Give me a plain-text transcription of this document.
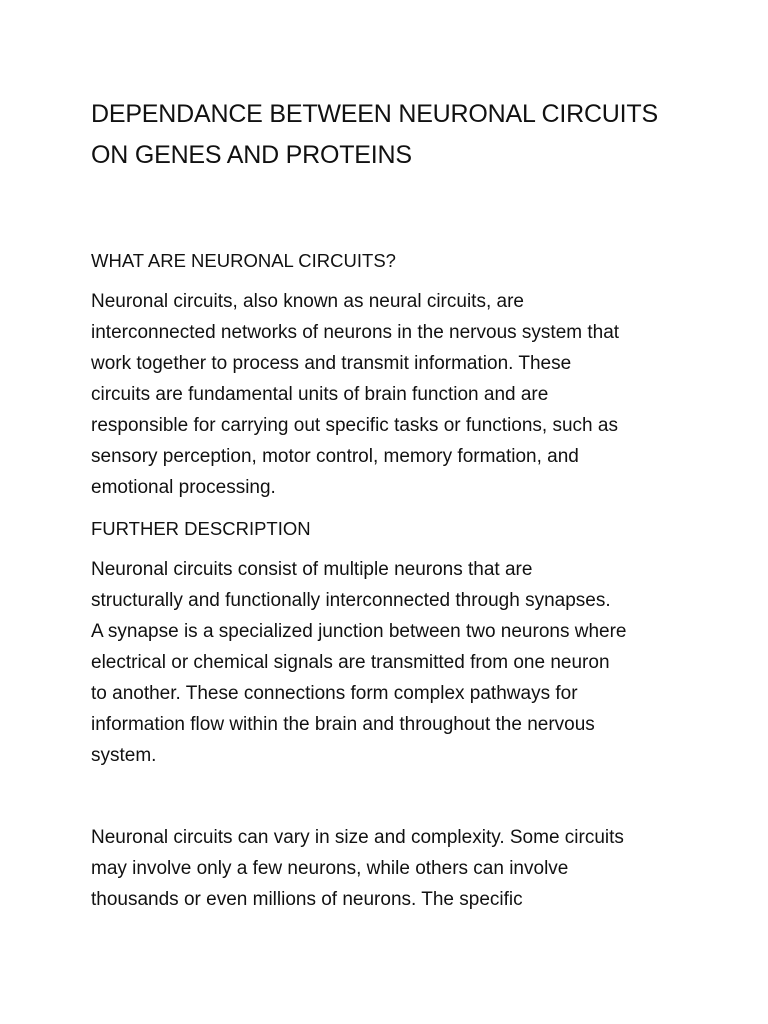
DEPENDANCE BETWEEN NEURONAL CIRCUITS
ON GENES AND PROTEINS

WHAT ARE NEURONAL CIRCUITS?

Neuronal circuits, also known as neural circuits, are
interconnected networks of neurons in the nervous system that
work together to process and transmit information. These
circuits are fundamental units of brain function and are
responsible for carrying out specific tasks or functions, such as
sensory perception, motor control, memory formation, and
emotional processing.

FURTHER DESCRIPTION

Neuronal circuits consist of multiple neurons that are
structurally and functionally interconnected through synapses.
A synapse is a specialized junction between two neurons where
electrical or chemical signals are transmitted from one neuron
to another. These connections form complex pathways for
information flow within the brain and throughout the nervous
system.

Neuronal circuits can vary in size and complexity. Some circuits
may involve only a few neurons, while others can involve
thousands or even millions of neurons. The specific
